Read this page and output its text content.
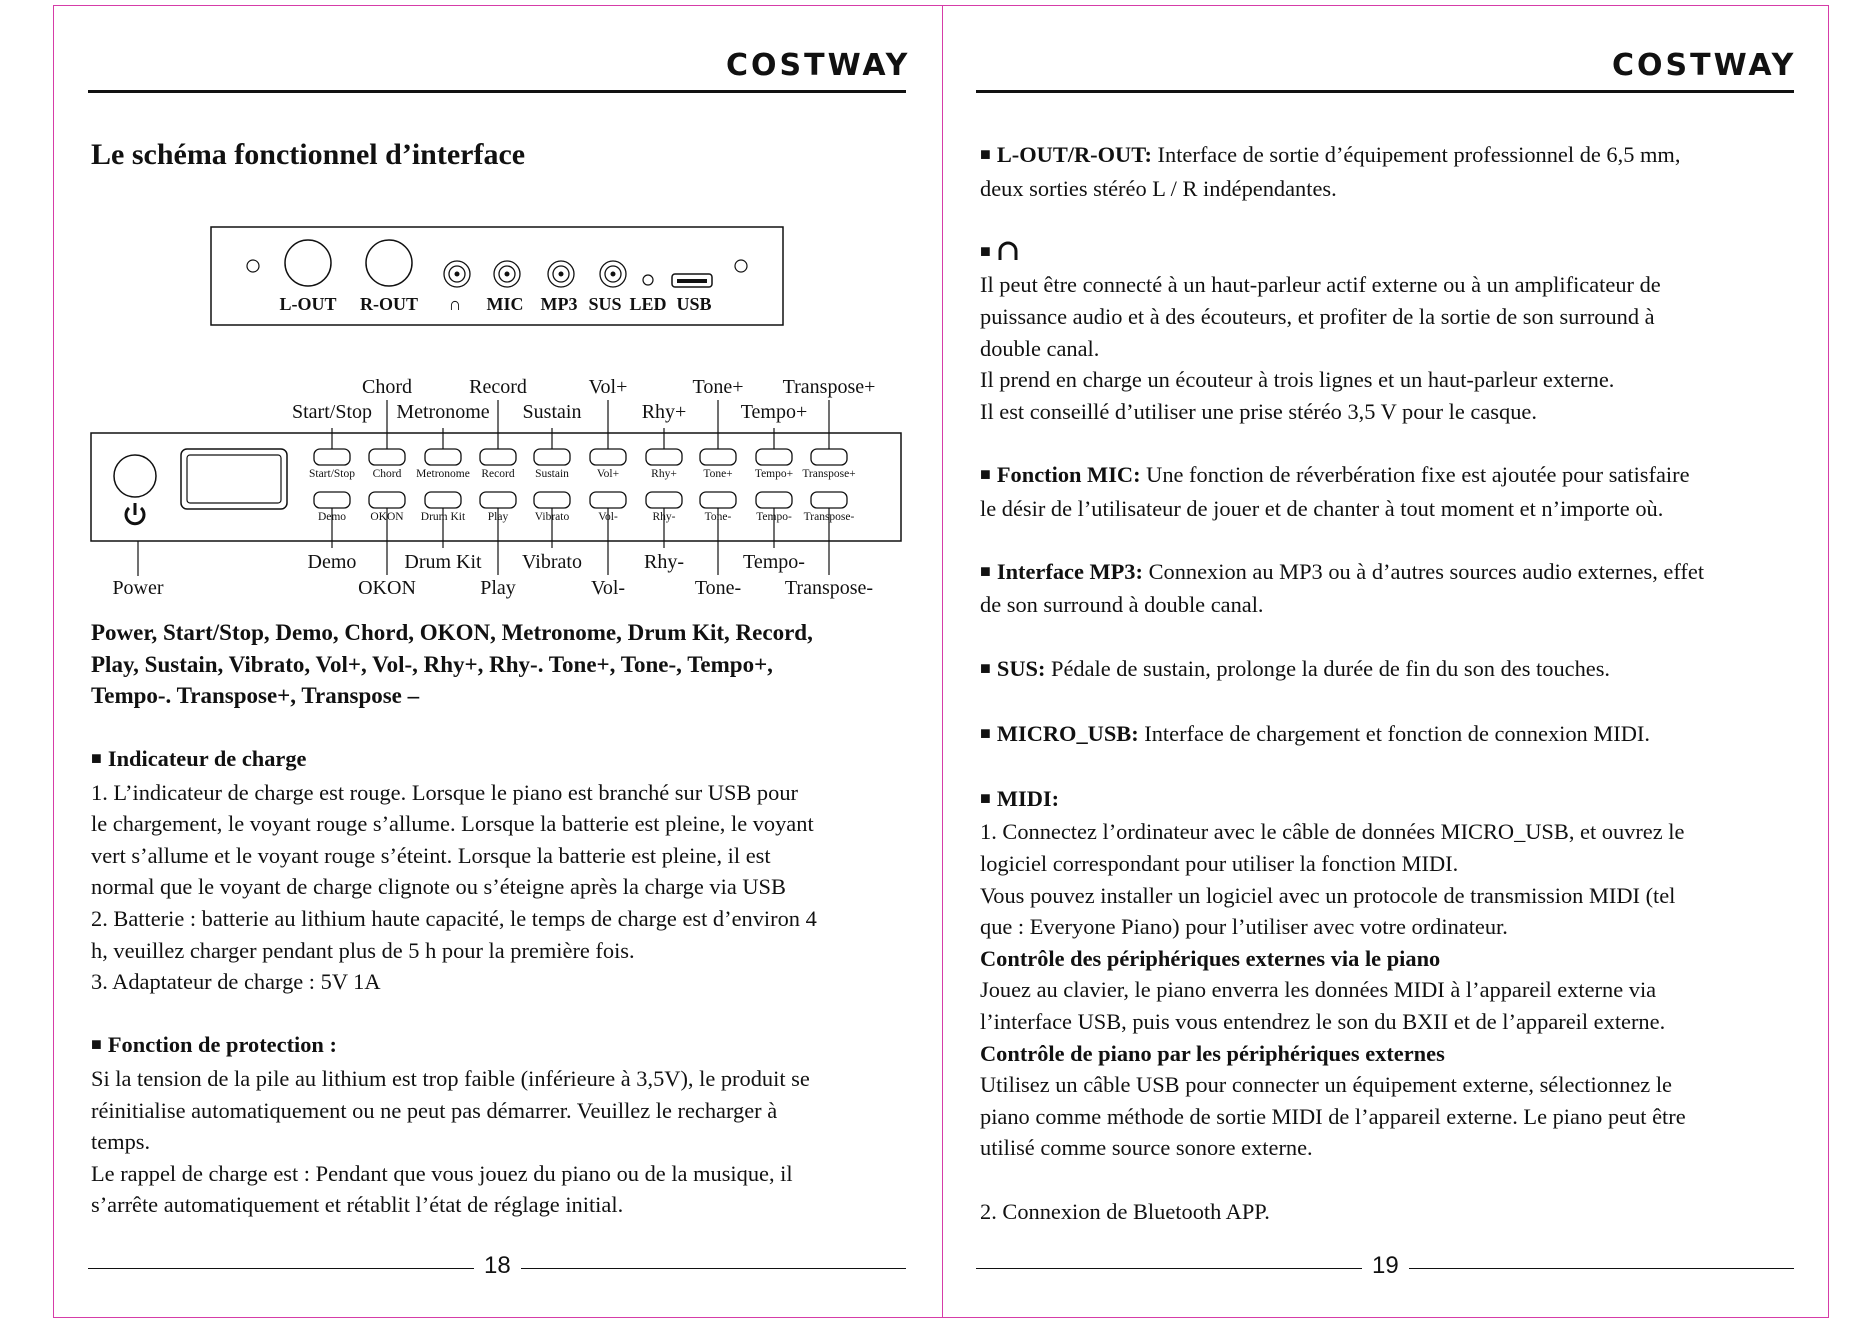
COSTWAY
Le schéma fonctionnel d’interface
L-OUT R-OUT ∩ MIC MP3 SUS LED USB
Start/Stop
Demo
Chord
OKON
Metronome
Drum Kit
Record
Play
Sustain
Vibrato
Vol+
Vol-
Rhy+
Rhy-
Tone+
Tone-
Tempo+
Tempo-
Transpose+
Transpose-
Start/Stop
Chord
Metronome
Record
Sustain
Vol+
Rhy+
Tone+
Tempo+
Transpose+
Demo
OKON
Drum Kit
Play
Vibrato
Vol-
Rhy-
Tone-
Tempo-
Transpose-
Power

Power, Start/Stop, Demo, Chord, OKON, Metronome, Drum Kit, Record,

Play, Sustain, Vibrato, Vol+, Vol-, Rhy+, Rhy-. Tone+, Tone-, Tempo+,

Tempo-. Transpose+, Transpose –

■ Indicateur de charge

1. L’indicateur de charge est rouge. Lorsque le piano est branché sur USB pour

le chargement, le voyant rouge s’allume. Lorsque la batterie est pleine, le voyant

vert s’allume et le voyant rouge s’éteint. Lorsque la batterie est pleine, il est

normal que le voyant de charge clignote ou s’éteigne après la charge via USB

2. Batterie : batterie au lithium haute capacité, le temps de charge est d’environ 4

h, veuillez charger pendant plus de 5 h pour la première fois.

3. Adaptateur de charge : 5V 1A

■ Fonction de protection :

Si la tension de la pile au lithium est trop faible (inférieure à 3,5V), le produit se

réinitialise automatiquement ou ne peut pas démarrer. Veuillez le recharger à

temps.

Le rappel de charge est : Pendant que vous jouez du piano ou de la musique, il

s’arrête automatiquement et rétablit l’état de réglage initial.

18
COSTWAY

■ L-OUT/R-OUT: Interface de sortie d’équipement professionnel de 6,5 mm,

deux sorties stéréo L / R indépendantes.

■

Il peut être connecté à un haut-parleur actif externe ou à un amplificateur de

puissance audio et à des écouteurs, et profiter de la sortie de son surround à

double canal.

Il prend en charge un écouteur à trois lignes et un haut-parleur externe.

Il est conseillé d’utiliser une prise stéréo 3,5 V pour le casque.

■ Fonction MIC: Une fonction de réverbération fixe est ajoutée pour satisfaire

le désir de l’utilisateur de jouer et de chanter à tout moment et n’importe où.

■ Interface MP3: Connexion au MP3 ou à d’autres sources audio externes, effet

de son surround à double canal.

■ SUS: Pédale de sustain, prolonge la durée de fin du son des touches.

■ MICRO_USB: Interface de chargement et fonction de connexion MIDI.

■ MIDI:

1. Connectez l’ordinateur avec le câble de données MICRO_USB, et ouvrez le

logiciel correspondant pour utiliser la fonction MIDI.

Vous pouvez installer un logiciel avec un protocole de transmission MIDI (tel

que : Everyone Piano) pour l’utiliser avec votre ordinateur.

Contrôle des périphériques externes via le piano

Jouez au clavier, le piano enverra les données MIDI à l’appareil externe via

l’interface USB, puis vous entendrez le son du BXII et de l’appareil externe.

Contrôle de piano par les périphériques externes

Utilisez un câble USB pour connecter un équipement externe, sélectionnez le

piano comme méthode de sortie MIDI de l’appareil externe. Le piano peut être

utilisé comme source sonore externe.

2. Connexion de Bluetooth APP.

19
